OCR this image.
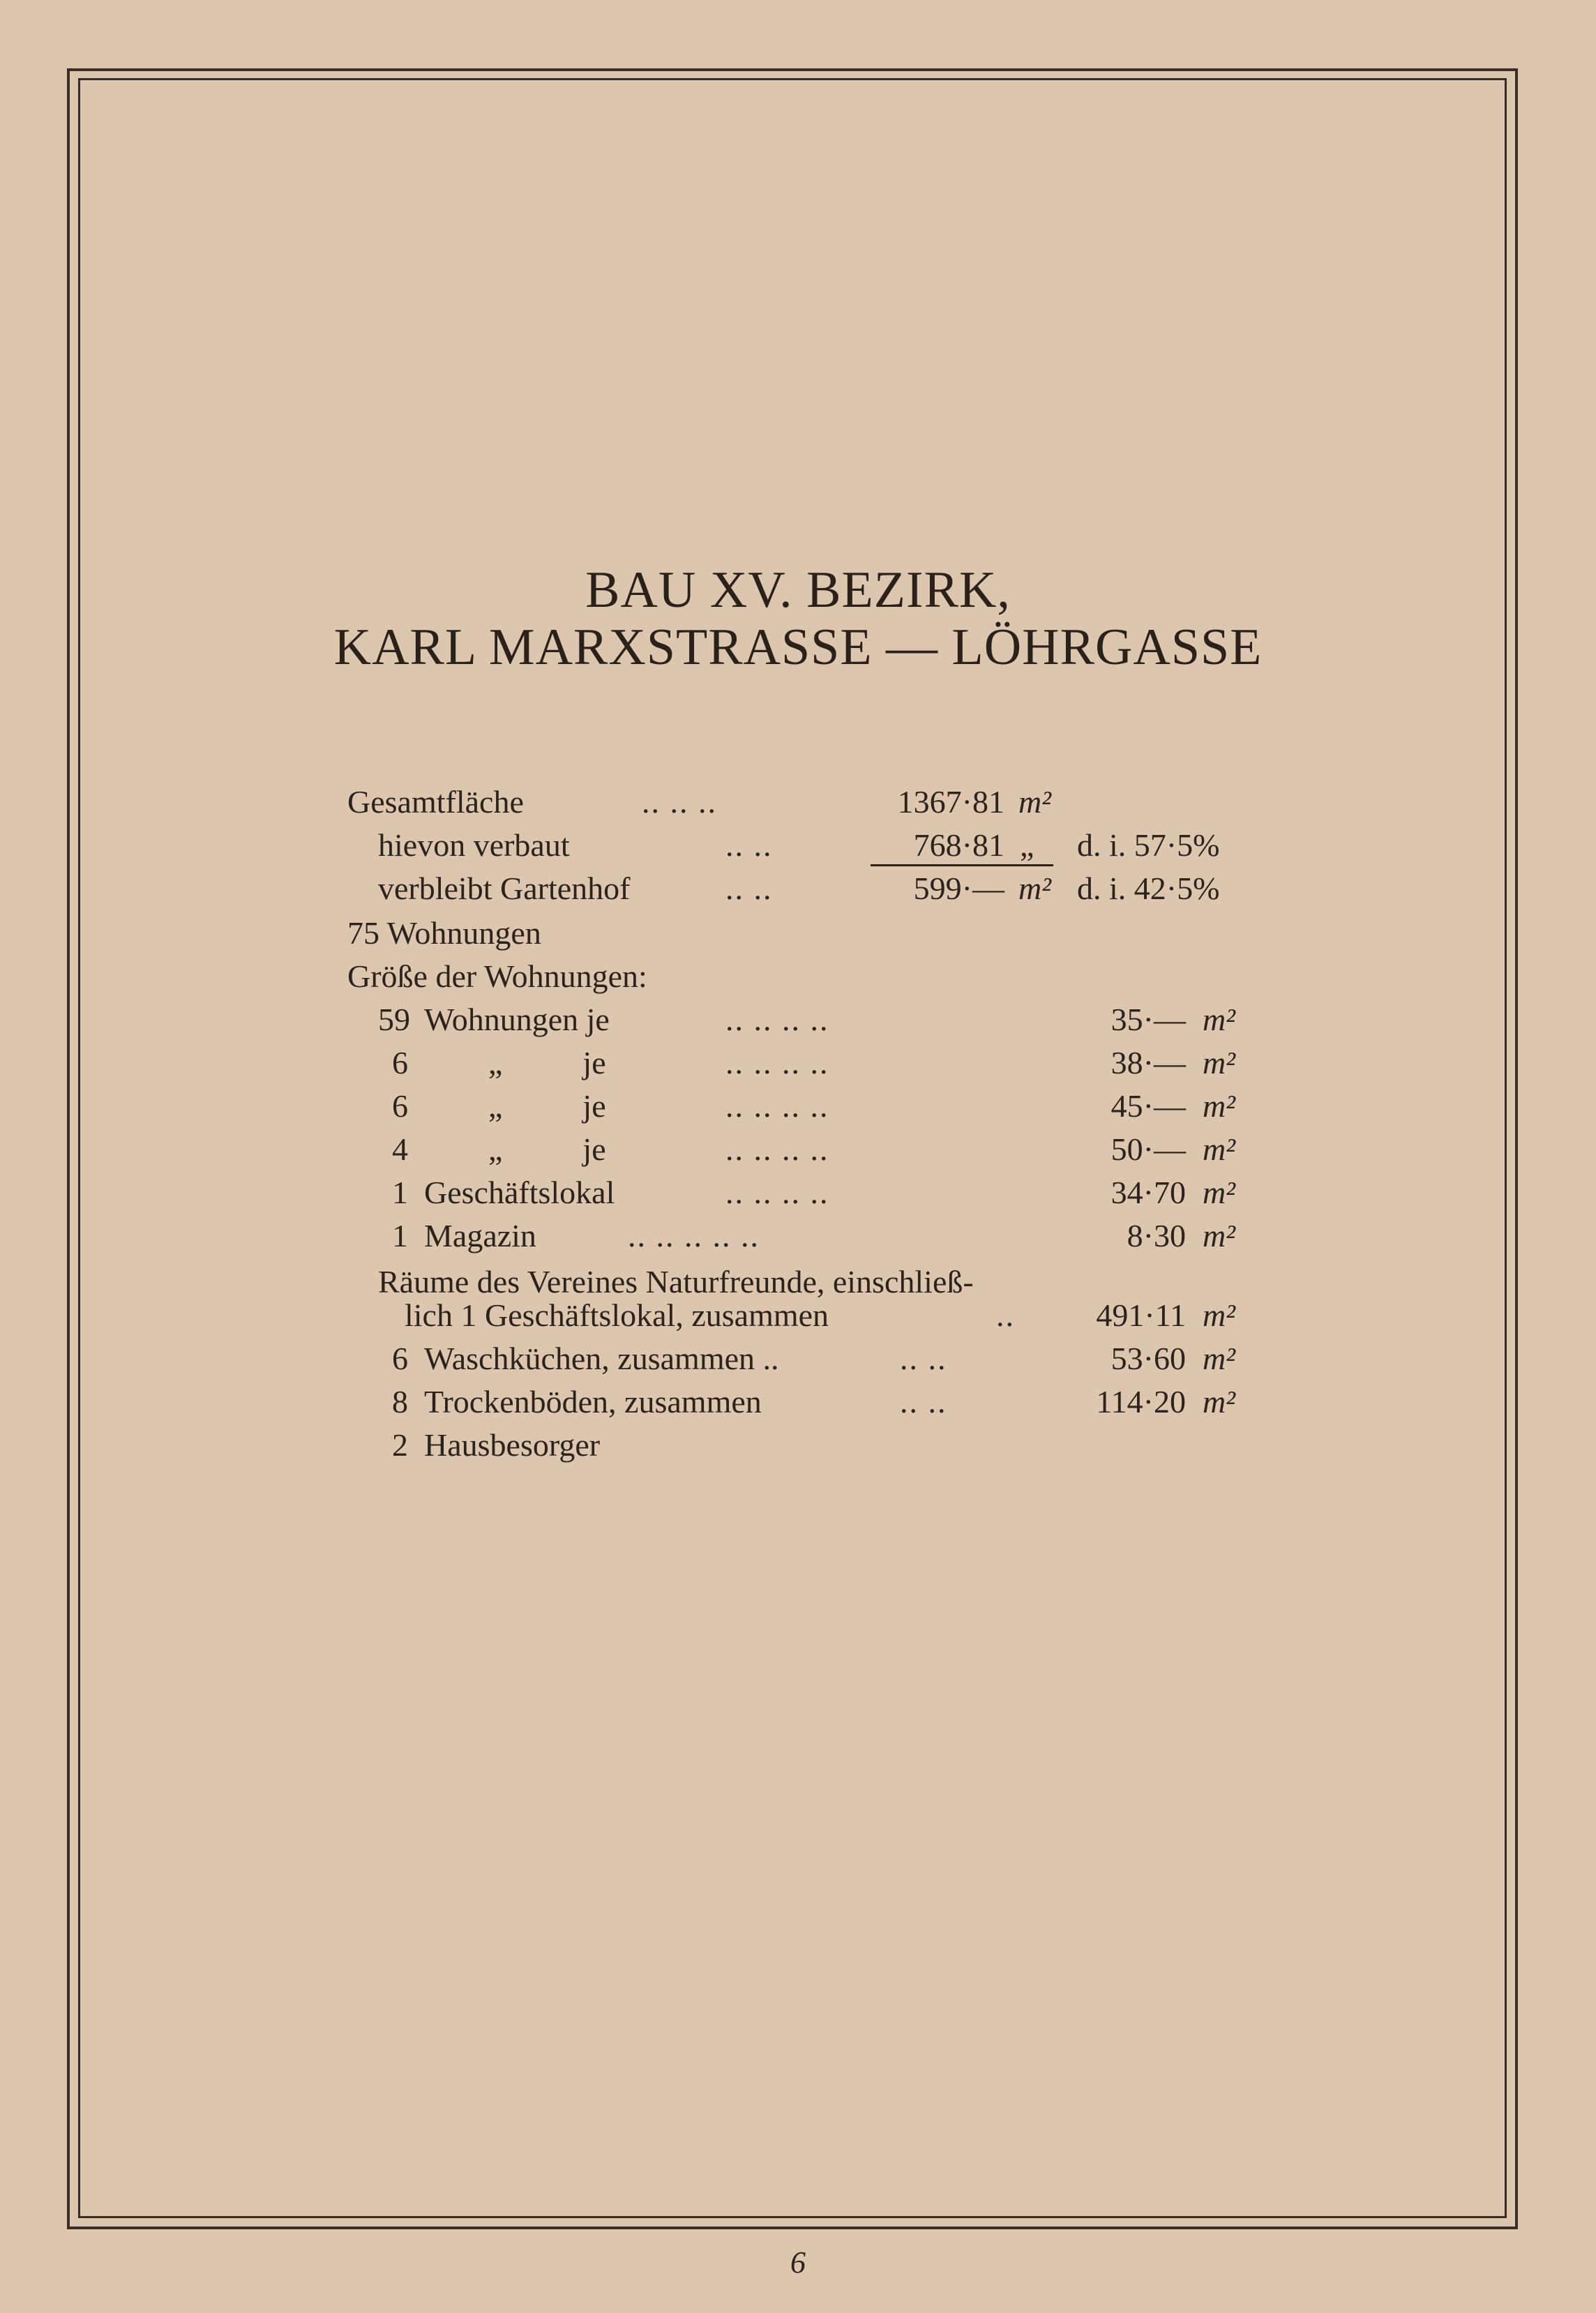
BAU XV. BEZIRK,
KARL MARXSTRASSE — LÖHRGASSE
Gesamtfläche	.. .. ..	1367·81 m²
hievon verbaut	.. ..	768·81 „ d. i. 57·5%
verbleibt Gartenhof	.. ..	599·— m² d. i. 42·5%
75 Wohnungen
Größe der Wohnungen:
59 Wohnungen je	.. .. .. ..	35·— m²
6	„          je	.. .. .. ..	38·— m²
6	„          je	.. .. .. ..	45·— m²
4	„          je	.. .. .. ..	50·— m²
1 Geschäftslokal	.. .. .. ..	34·70 m²
1 Magazin	.. .. .. .. ..	8·30 m²
Räume des Vereines Naturfreunde, einschließ-
lich 1 Geschäftslokal, zusammen	..	491·11 m²
6 Waschküchen, zusammen ..	.. ..	53·60 m²
8 Trockenböden, zusammen	.. ..	114·20 m²
2 Hausbesorger
6
